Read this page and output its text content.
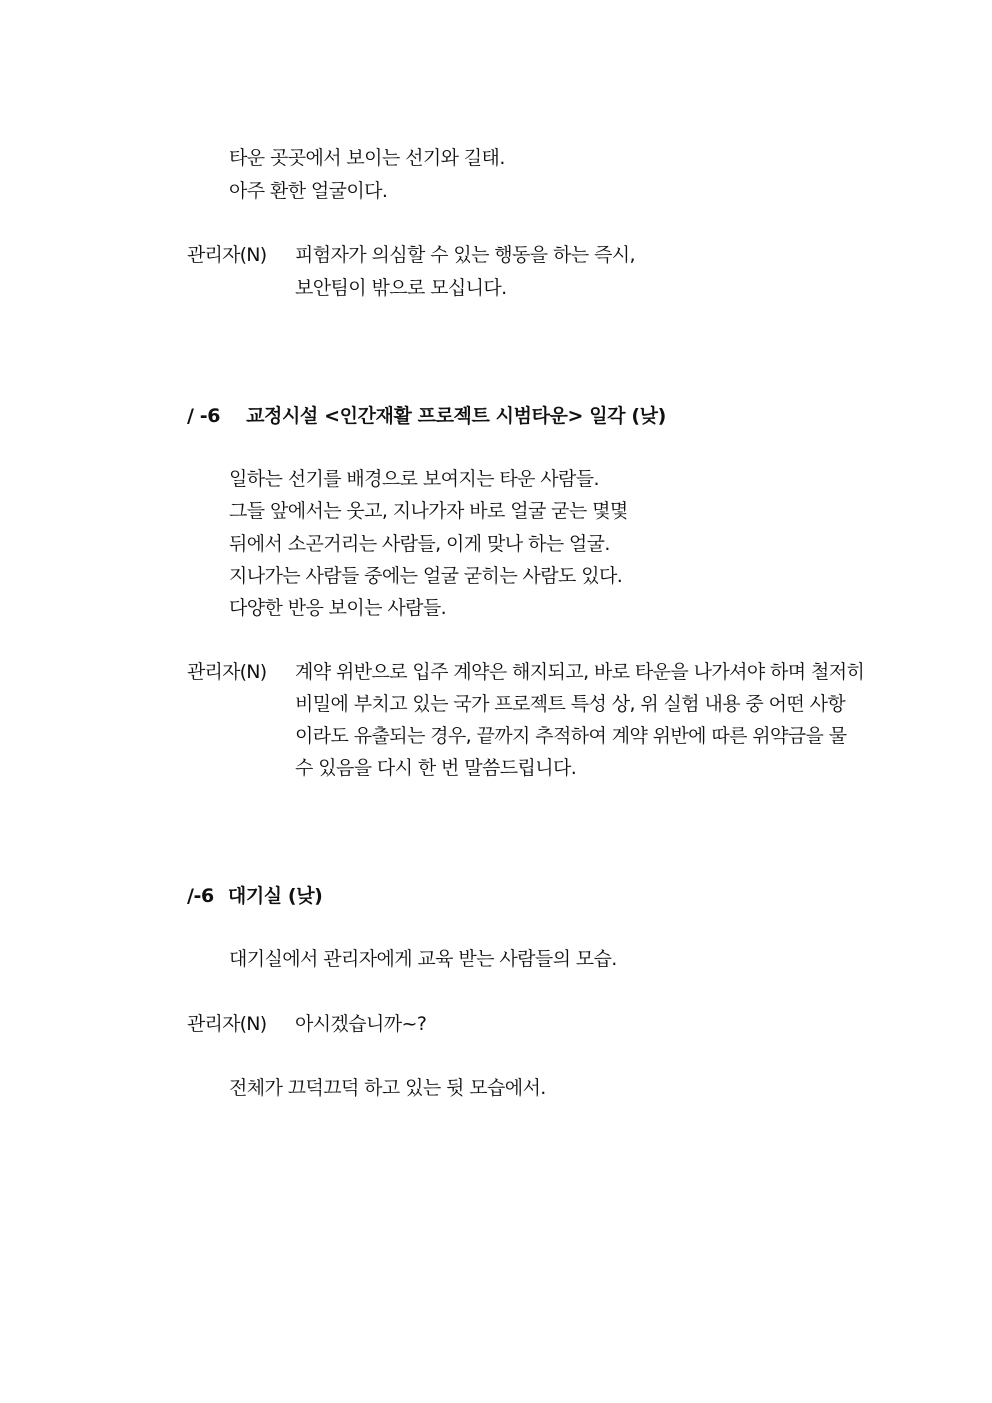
타운 곳곳에서 보이는 선기와 길태.
아주 환한 얼굴이다.
관리자(N) 피험자가 의심할 수 있는 행동을 하는 즉시,
보안팀이 밖으로 모십니다.
/ -6 교정시설 <인간재활 프로젝트 시범타운> 일각 (낮)
일하는 선기를 배경으로 보여지는 타운 사람들.
그들 앞에서는 웃고, 지나가자 바로 얼굴 굳는 몇몇
뒤에서 소곤거리는 사람들, 이게 맞나 하는 얼굴.
지나가는 사람들 중에는 얼굴 굳히는 사람도 있다.
다양한 반응 보이는 사람들.
관리자(N) 계약 위반으로 입주 계약은 해지되고, 바로 타운을 나가셔야 하며 철저히
비밀에 부치고 있는 국가 프로젝트 특성 상, 위 실험 내용 중 어떤 사항
이라도 유출되는 경우, 끝까지 추적하여 계약 위반에 따른 위약금을 물
수 있음을 다시 한 번 말씀드립니다.
/-6 대기실 (낮)
대기실에서 관리자에게 교육 받는 사람들의 모습.
관리자(N) 아시겠습니까~?
전체가 끄덕끄덕 하고 있는 뒷 모습에서.
